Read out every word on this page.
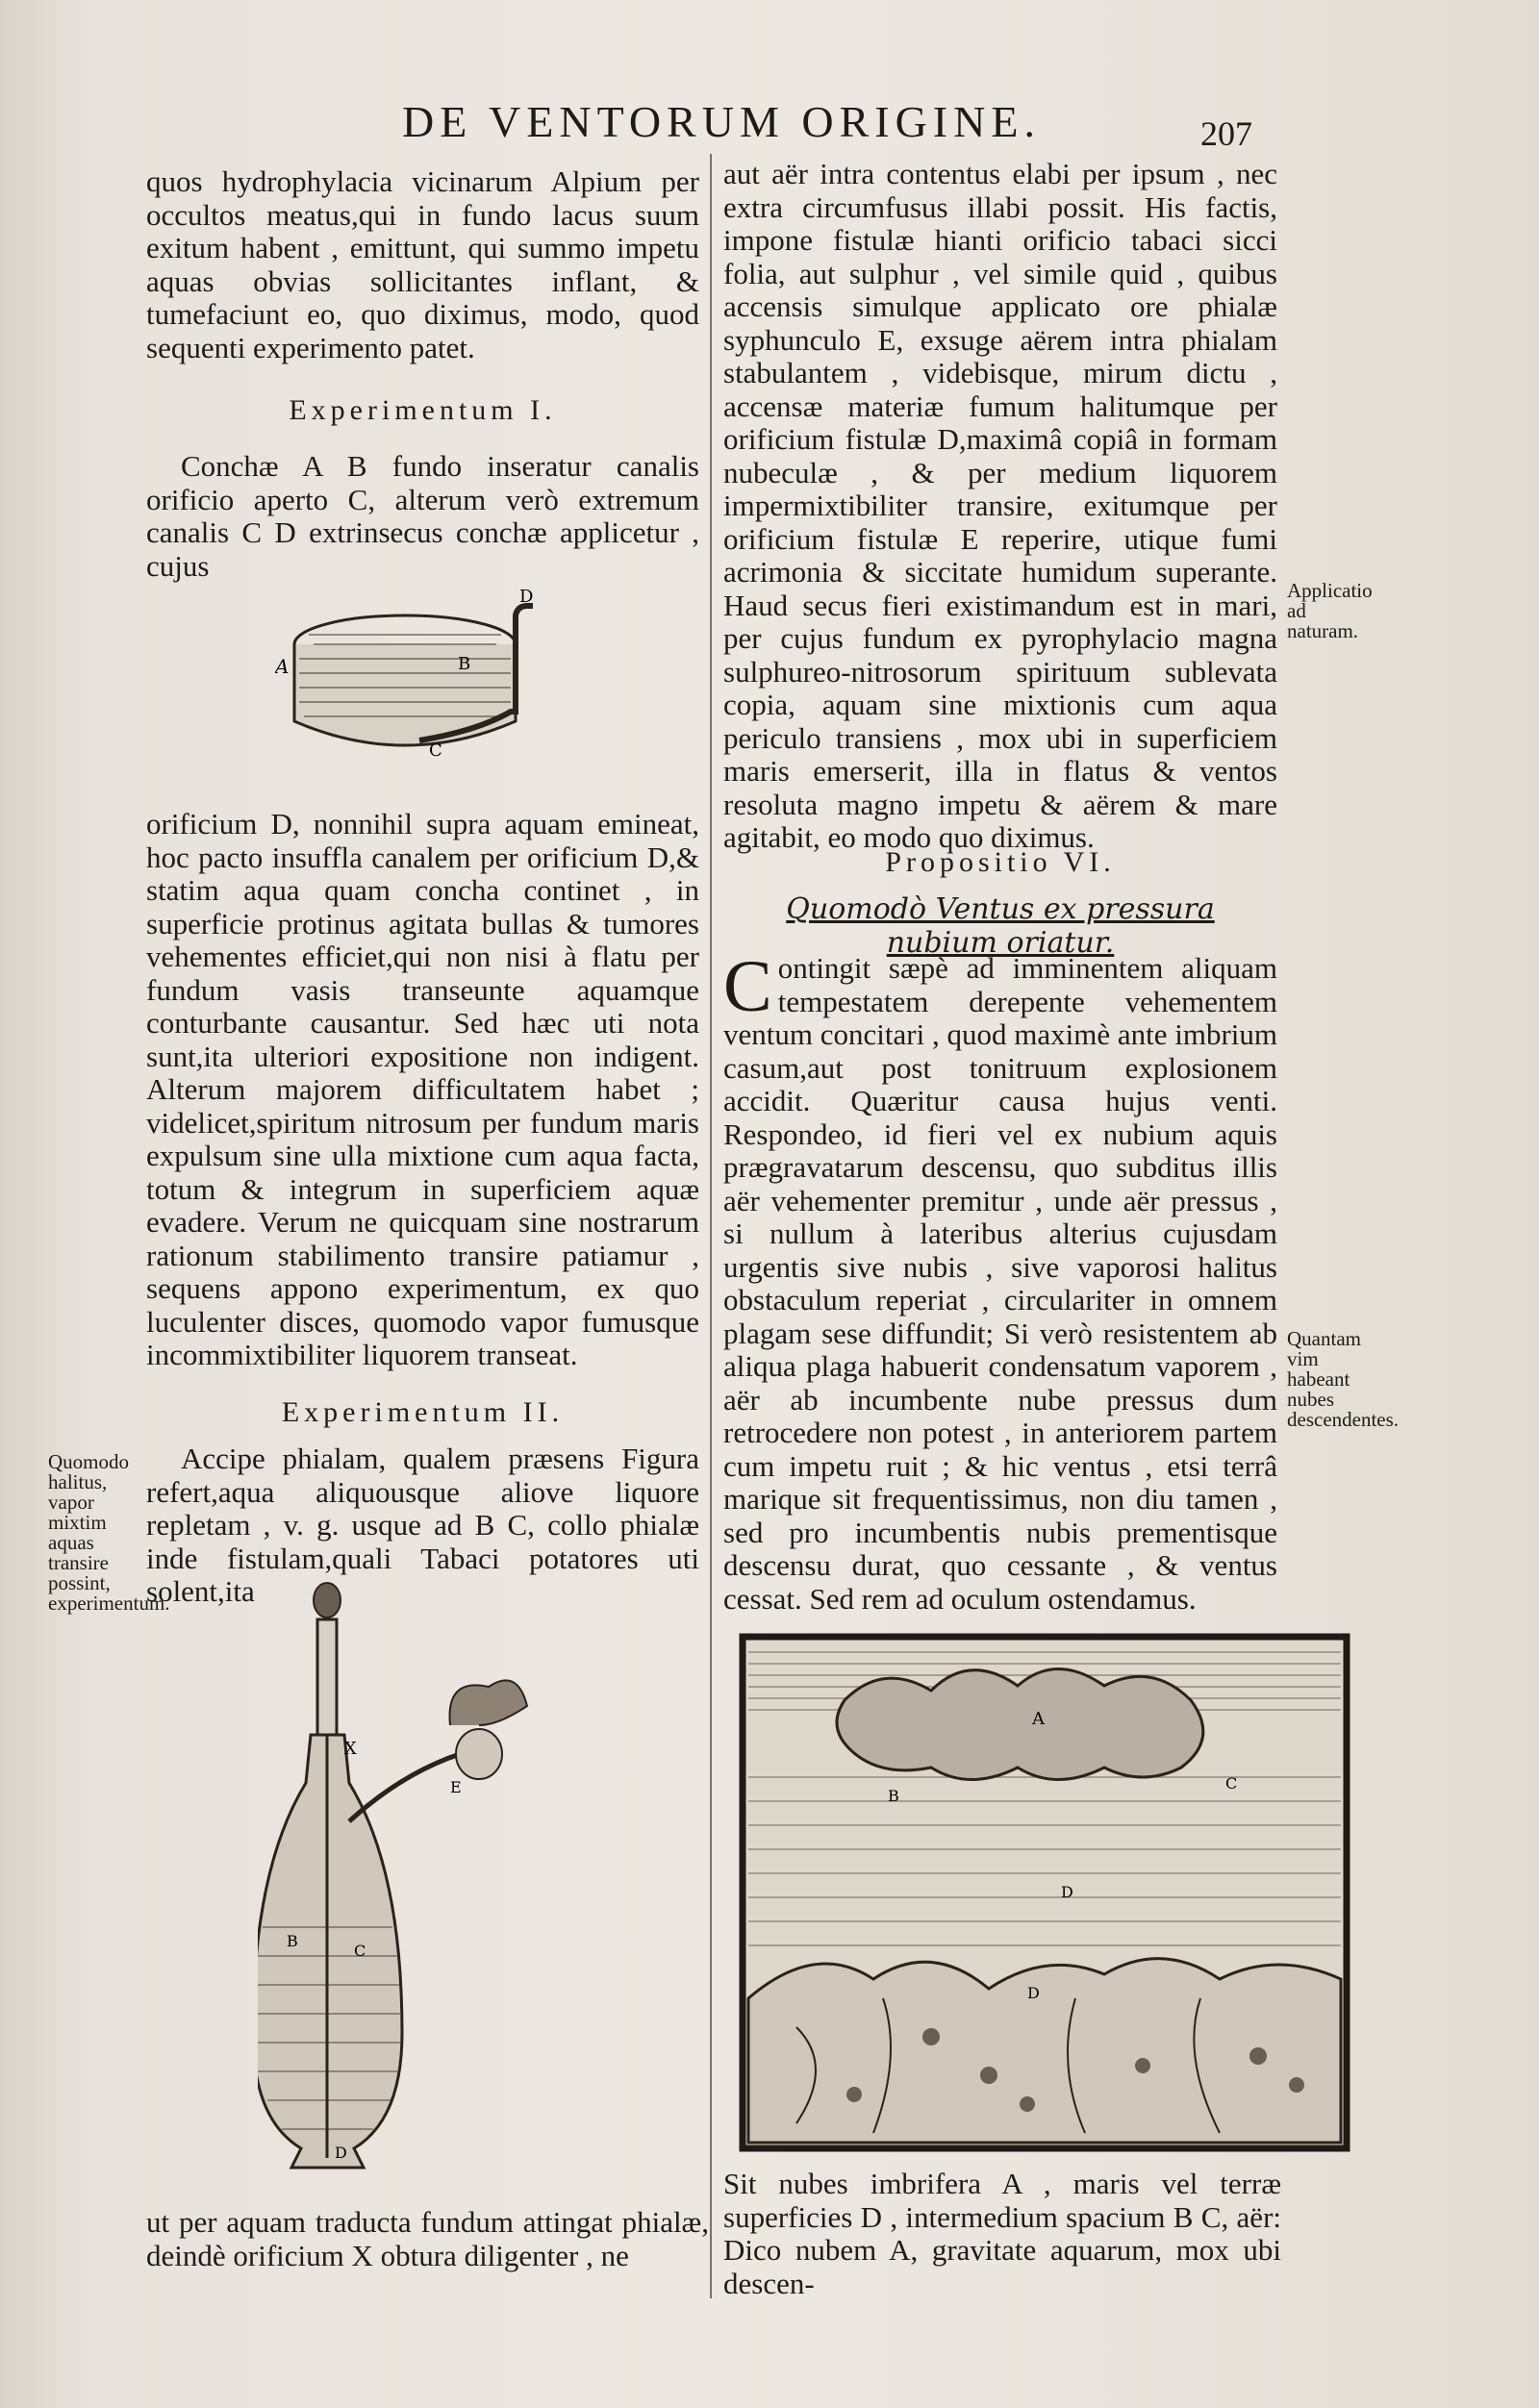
DE VENTORUM ORIGINE.	207

quos hydrophylacia vicinarum Alpium per occultos meatus,qui in fundo lacus suum exitum habent , emittunt, qui summo impetu aquas obvias sollicitantes inflant, & tumefaciunt eo, quo diximus, modo, quod sequenti experimento patet.

Experimentum I.

Conchæ A B fundo inseratur canalis orificio aperto C, alterum verò extremum canalis C D extrinsecus conchæ applicetur , cujus

A	B
C
D

orificium D, nonnihil supra aquam emineat, hoc pacto insuffla canalem per orificium D,& statim aqua quam concha continet , in superficie protinus agitata bullas & tumores vehementes efficiet,qui non nisi à flatu per fundum vasis transeunte aquamque conturbante causantur. Sed hæc uti nota sunt,ita ulteriori expositione non indigent. Alterum majorem difficultatem habet ; videlicet,spiritum nitrosum per fundum maris expulsum sine ulla mixtione cum aqua facta, totum & integrum in superficiem aquæ evadere. Verum ne quicquam sine nostrarum rationum stabilimento transire patiamur , sequens appono experimentum, ex quo luculenter disces, quomodo vapor fumusque incommixtibiliter liquorem transeat.

Experimentum II.

Accipe phialam, qualem præsens Figura refert,aqua aliquousque aliove liquore repletam , v. g. usque ad B C, collo phialæ inde fistulam,quali Tabaci potatores uti solent,ita

X
B
C
E
D

ut per aquam traducta fundum attingat phialæ, deindè orificium X obtura diligenter , ne

aut aër intra contentus elabi per ipsum , nec extra circumfusus illabi possit. His factis, impone fistulæ hianti orificio tabaci sicci folia, aut sulphur , vel simile quid , quibus accensis simulque applicato ore phialæ syphunculo E, exsuge aërem intra phialam stabulantem , videbisque, mirum dictu , accensæ materiæ fumum halitumque per orificium fistulæ D,maximâ copiâ in formam nubeculæ , & per medium liquorem impermixtibiliter transire, exitumque per orificium fistulæ E reperire, utique fumi acrimonia & siccitate humidum superante. Haud secus fieri existimandum est in mari, per cujus fundum ex pyrophylacio magna sulphureo-nitrosorum spirituum sublevata copia, aquam sine mixtionis cum aqua periculo transiens , mox ubi in superficiem maris emerserit, illa in flatus & ventos resoluta magno impetu & aërem & mare agitabit, eo modo quo diximus.

Propositio VI.
Quomodò Ventus ex pressura nubium oriatur.

Contingit sæpè ad imminentem aliquam tempestatem derepente vehementem ventum concitari , quod maximè ante imbrium casum,aut post tonitruum explosionem accidit. Quæritur causa hujus venti. Respondeo, id fieri vel ex nubium aquis prægravatarum descensu, quo subditus illis aër vehementer premitur , unde aër pressus , si nullum à lateribus alterius cujusdam urgentis sive nubis , sive vaporosi halitus obstaculum reperiat , circulariter in omnem plagam sese diffundit; Si verò resistentem ab aliqua plaga habuerit condensatum vaporem , aër ab incumbente nube pressus dum retrocedere non potest , in anteriorem partem cum impetu ruit ; & hic ventus , etsi terrâ marique sit frequentissimus, non diu tamen , sed pro incumbentis nubis prementisque descensu durat, quo cessante , & ventus cessat. Sed rem ad oculum ostendamus.

A
B
C
D
D

Sit nubes imbrifera A , maris vel terræ superficies D , intermedium spacium B C, aër: Dico nubem A, gravitate aquarum, mox ubi descen-

Quomodo halitus, vapor mixtim aquas transire possint, experimentum.
Applicatio ad naturam.
Quantam vim habeant nubes descendentes.
